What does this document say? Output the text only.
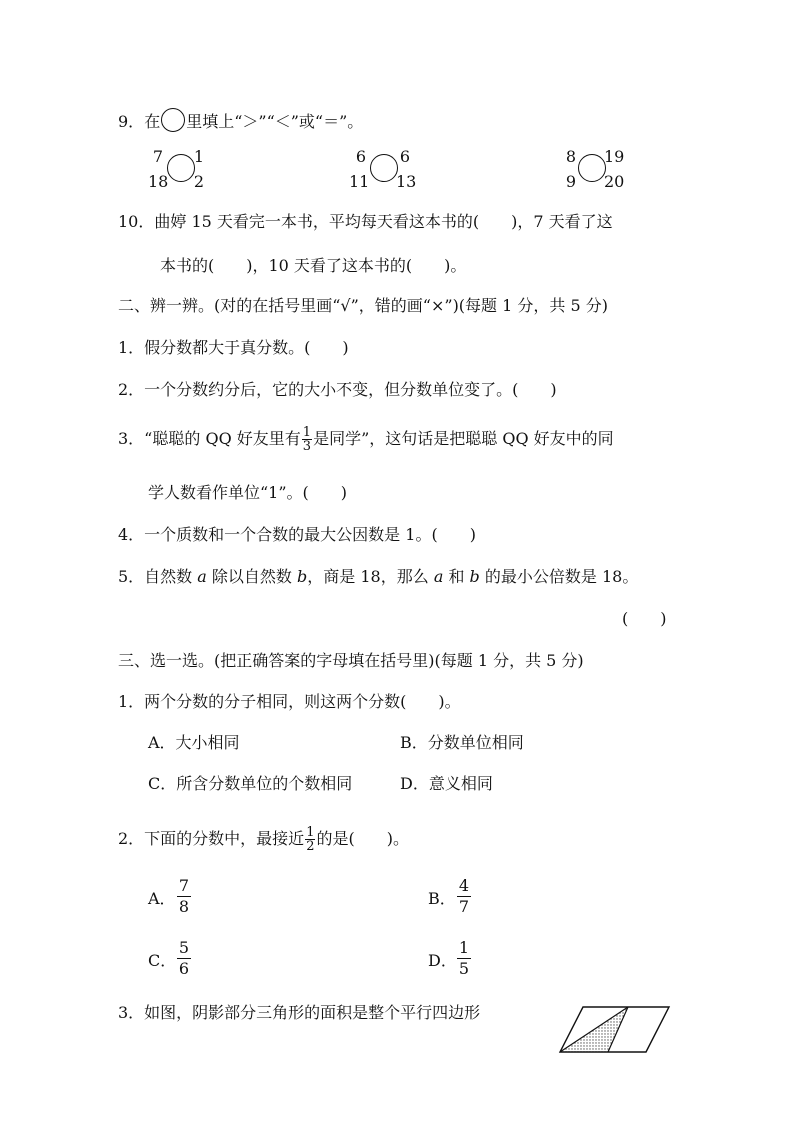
9．在 里填上“＞”“＜”或“＝”。
7
18
1
2
6
11
6
13
8
9
19
20
10．曲婷 15 天看完一本书，平均每天看这本书的(　　)，7 天看了这
本书的(　　)，10 天看了这本书的(　　)。
二、辨一辨。(对的在括号里画“√”，错的画“×”)(每题 1 分，共 5 分)
1．假分数都大于真分数。(　　)
2．一个分数约分后，它的大小不变，但分数单位变了。(　　)
3．“聪聪的 QQ 好友里有 $\frac{1}{3}$ 是同学”，这句话是把聪聪 QQ 好友中的同
学人数看作单位“1”。(　　)
4．一个质数和一个合数的最大公因数是 1。(　　)
5．自然数 a 除以自然数 b，商是 18，那么 a 和 b 的最小公倍数是 18。
(　　)
三、选一选。(把正确答案的字母填在括号里)(每题 1 分，共 5 分)
1．两个分数的分子相同，则这两个分数(　　)。
A．大小相同	B．分数单位相同
C．所含分数单位的个数相同	D．意义相同
2．下面的分数中，最接近 $\frac{1}{2}$ 的是(　　)。
A． $\frac{7}{8}$	B． $\frac{4}{7}$
C． $\frac{5}{6}$	D． $\frac{1}{5}$
3．如图，阴影部分三角形的面积是整个平行四边形
